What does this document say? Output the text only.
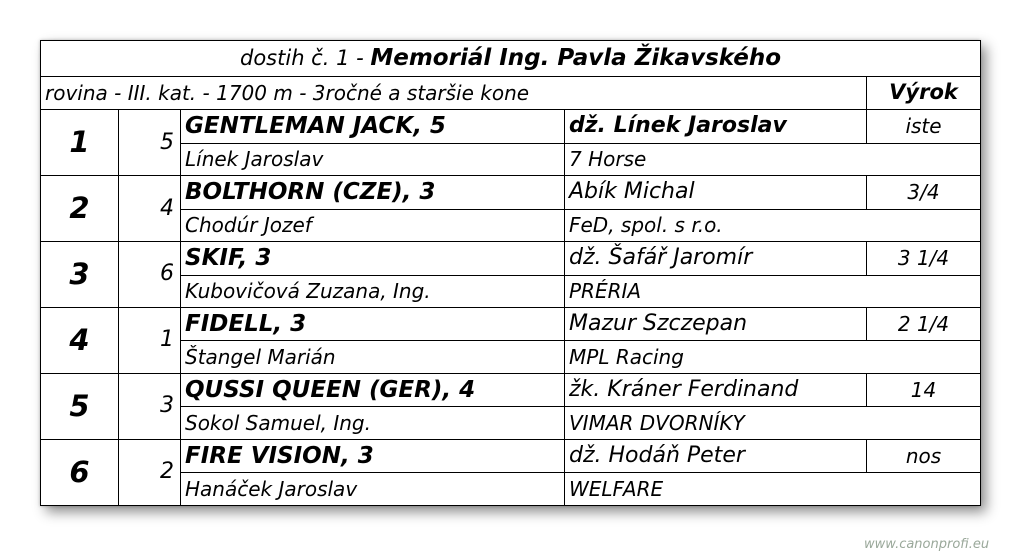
dostih č. 1 - Memoriál Ing. Pavla Žikavského				
rovina - III. kat. - 1700 m - 3ročné a staršie kone				Výrok
1	5	GENTLEMAN JACK, 5	dž. Línek Jaroslav	iste
		Línek Jaroslav	7 Horse	
2	4	BOLTHORN (CZE), 3	Abík Michal	3/4
		Chodúr Jozef	FeD, spol. s r.o.	
3	6	SKIF, 3	dž. Šafář Jaromír	3 1/4
		Kubovičová Zuzana, Ing.	PRÉRIA	
4	1	FIDELL, 3	Mazur Szczepan	2 1/4
		Štangel Marián	MPL Racing	
5	3	QUSSI QUEEN (GER), 4	žk. Kráner Ferdinand	14
		Sokol Samuel, Ing.	VIMAR DVORNÍKY	
6	2	FIRE VISION, 3	dž. Hodáň Peter	nos
		Hanáček Jaroslav	WELFARE	
www.canonprofi.eu
